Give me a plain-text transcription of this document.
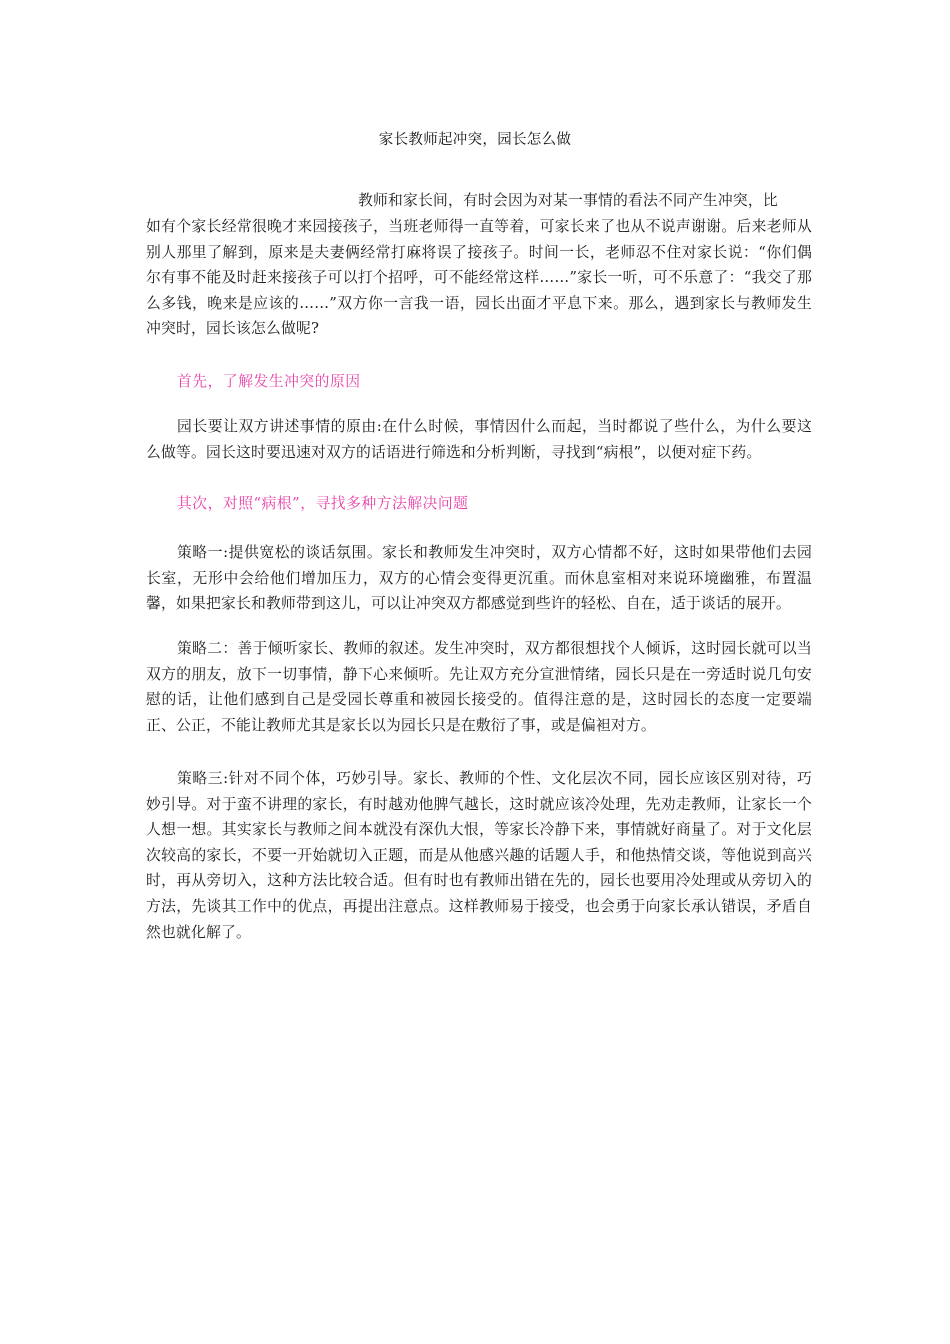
家长教师起冲突，园长怎么做
教师和家长间，有时会因为对某一事情的看法不同产生冲突，比
如有个家长经常很晚才来园接孩子，当班老师得一直等着，可家长来了也从不说声谢谢。后来老师从别人那里了解到，原来是夫妻俩经常打麻将误了接孩子。时间一长，老师忍不住对家长说：“你们偶尔有事不能及时赶来接孩子可以打个招呼，可不能经常这样……”家长一听，可不乐意了：“我交了那么多钱，晚来是应该的……”双方你一言我一语，园长出面才平息下来。那么，遇到家长与教师发生冲突时，园长该怎么做呢?
首先，了解发生冲突的原因

园长要让双方讲述事情的原由:在什么时候，事情因什么而起，当时都说了些什么，为什么要这么做等。园长这时要迅速对双方的话语进行筛选和分析判断，寻找到“病根”，以便对症下药。

其次，对照“病根”，寻找多种方法解决问题

策略一:提供宽松的谈话氛围。家长和教师发生冲突时，双方心情都不好，这时如果带他们去园长室，无形中会给他们增加压力，双方的心情会变得更沉重。而休息室相对来说环境幽雅，布置温馨，如果把家长和教师带到这儿，可以让冲突双方都感觉到些许的轻松、自在，适于谈话的展开。

策略二：善于倾听家长、教师的叙述。发生冲突时，双方都很想找个人倾诉，这时园长就可以当双方的朋友，放下一切事情，静下心来倾听。先让双方充分宣泄情绪，园长只是在一旁适时说几句安慰的话，让他们感到自己是受园长尊重和被园长接受的。值得注意的是，这时园长的态度一定要端正、公正，不能让教师尤其是家长以为园长只是在敷衍了事，或是偏袒对方。

策略三:针对不同个体，巧妙引导。家长、教师的个性、文化层次不同，园长应该区别对待，巧妙引导。对于蛮不讲理的家长，有时越劝他脾气越长，这时就应该冷处理，先劝走教师，让家长一个人想一想。其实家长与教师之间本就没有深仇大恨，等家长冷静下来，事情就好商量了。对于文化层次较高的家长，不要一开始就切入正题，而是从他感兴趣的话题人手，和他热情交谈，等他说到高兴时，再从旁切入，这种方法比较合适。但有时也有教师出错在先的，园长也要用冷处理或从旁切入的方法，先谈其工作中的优点，再提出注意点。这样教师易于接受，也会勇于向家长承认错误，矛盾自然也就化解了。
